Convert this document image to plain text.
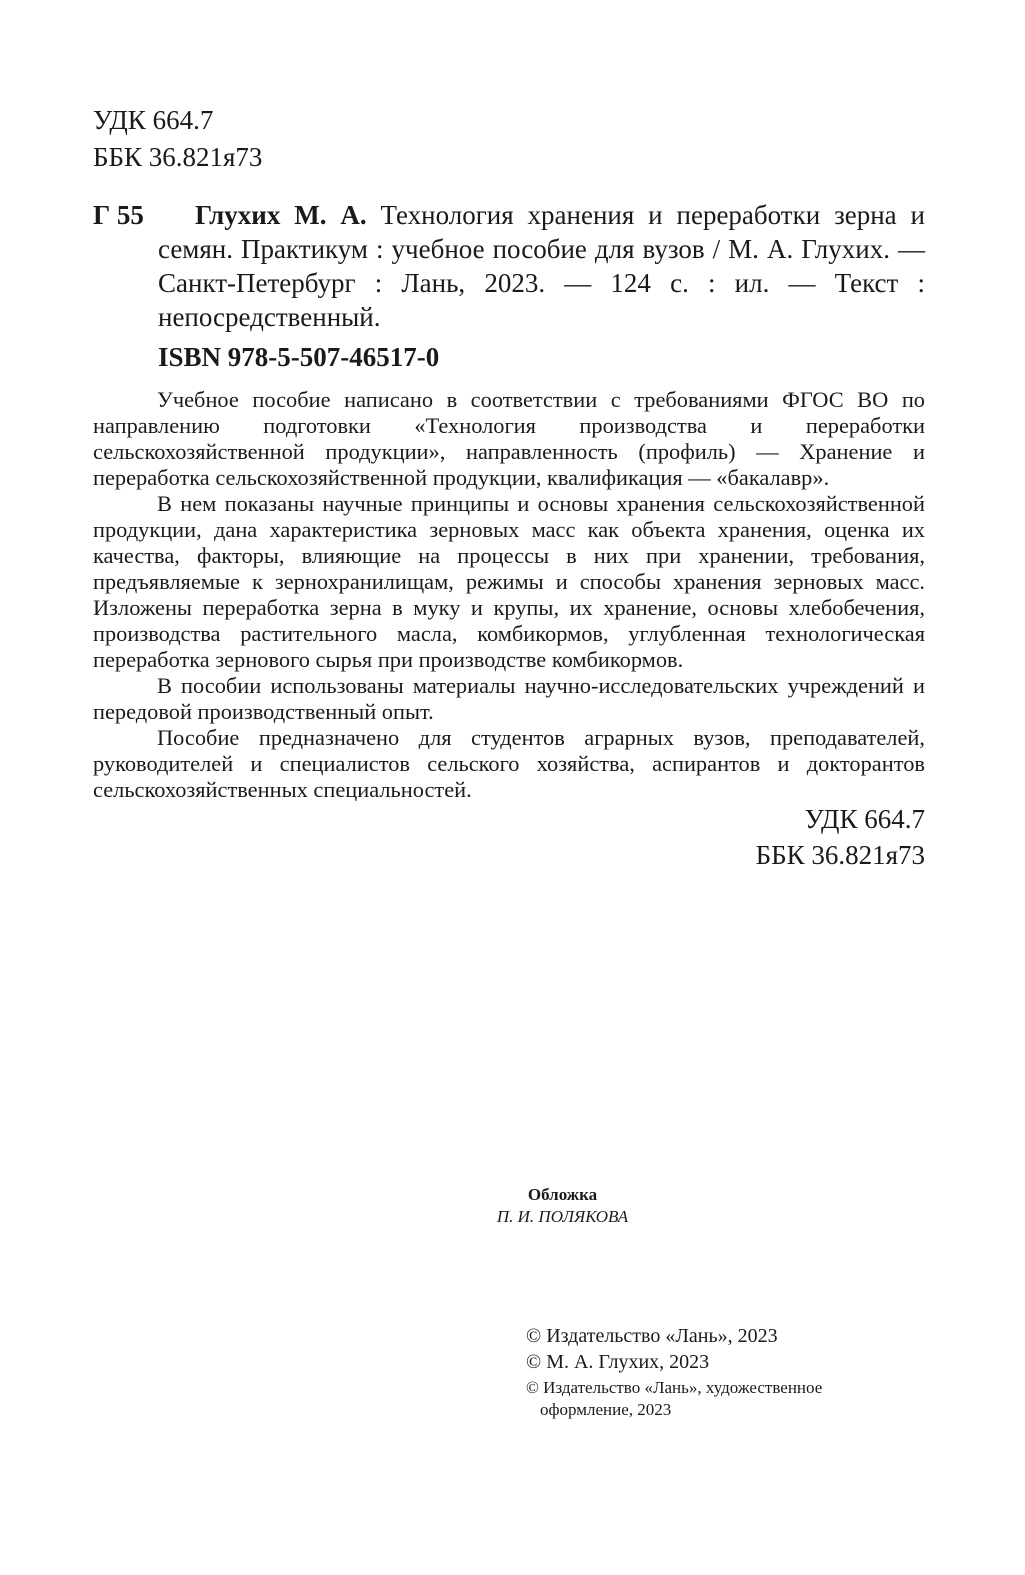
УДК 664.7
ББК 36.821я73
Г 55	Глухих М. А. Технология хранения и переработки зерна и семян. Практикум : учебное пособие для вузов / М. А. Глухих. — Санкт-Петербург : Лань, 2023. — 124 с. : ил. — Текст : непосредственный.
ISBN 978-5-507-46517-0

Учебное пособие написано в соответствии с требованиями ФГОС ВО по направлению подготовки «Технология производства и переработки сельскохозяйственной продукции», направленность (профиль) — Хранение и переработка сельскохозяйственной продукции, квалификация — «бакалавр».

В нем показаны научные принципы и основы хранения сельскохозяйственной продукции, дана характеристика зерновых масс как объекта хранения, оценка их качества, факторы, влияющие на процессы в них при хранении, требования, предъявляемые к зернохранилищам, режимы и способы хранения зерновых масс. Изложены переработка зерна в муку и крупы, их хранение, основы хлебобечения, производства растительного масла, комбикормов, углубленная технологическая переработка зернового сырья при производстве комбикормов.

В пособии использованы материалы научно-исследовательских учреждений и передовой производственный опыт.

Пособие предназначено для студентов аграрных вузов, преподавателей, руководителей и специалистов сельского хозяйства, аспирантов и докторантов сельскохозяйственных специальностей.

УДК 664.7
ББК 36.821я73
Обложка
П. И. ПОЛЯКОВА
© Издательство «Лань», 2023
© М. А. Глухих, 2023
© Издательство «Лань», художественное
оформление, 2023
